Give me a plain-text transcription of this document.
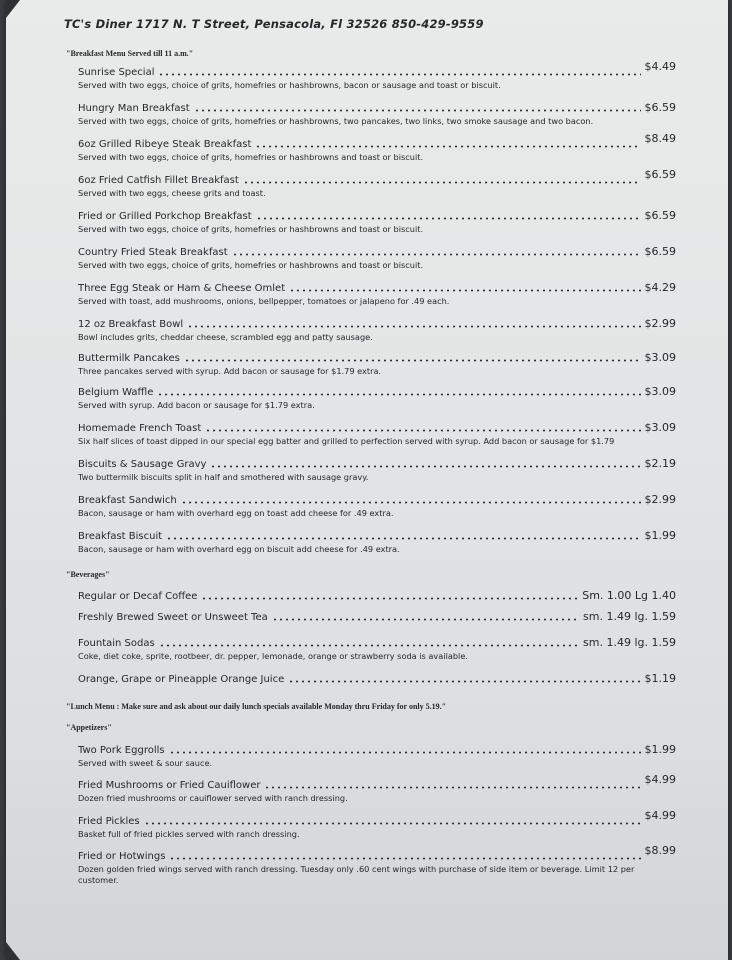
TC's Diner 1717 N. T Street, Pensacola, Fl 32526 850-429-9559
"Breakfast Menu Served till 11 a.m."
"Beverages"
"Lunch Menu : Make sure and ask about our daily lunch specials available Monday thru Friday for only 5.19."
"Appetizers"
Sunrise Special	$4.49
Served with two eggs, choice of grits, homefries or hashbrowns, bacon or sausage and toast or biscuit.
Hungry Man Breakfast	$6.59
Served with two eggs, choice of grits, homefries or hashbrowns, two pancakes, two links, two smoke sausage and two bacon.
6oz Grilled Ribeye Steak Breakfast	$8.49
Served with two eggs, choice of grits, homefries or hashbrowns and toast or biscuit.
6oz Fried Catfish Fillet Breakfast	$6.59
Served with two eggs, cheese grits and toast.
Fried or Grilled Porkchop Breakfast	$6.59
Served with two eggs, choice of grits, homefries or hashbrowns and toast or biscuit.
Country Fried Steak Breakfast	$6.59
Served with two eggs, choice of grits, homefries or hashbrowns and toast or biscuit.
Three Egg Steak or Ham & Cheese Omlet	$4.29
Served with toast, add mushrooms, onions, bellpepper, tomatoes or jalapeno for .49 each.
12 oz Breakfast Bowl	$2.99
Bowl includes grits, cheddar cheese, scrambled egg and patty sausage.
Buttermilk Pancakes	$3.09
Three pancakes served with syrup. Add bacon or sausage for $1.79 extra.
Belgium Waffle	$3.09
Served with syrup. Add bacon or sausage for $1.79 extra.
Homemade French Toast	$3.09
Six half slices of toast dipped in our special egg batter and grilled to perfection served with syrup. Add bacon or sausage for $1.79
Biscuits & Sausage Gravy	$2.19
Two buttermilk biscuits split in half and smothered with sausage gravy.
Breakfast Sandwich	$2.99
Bacon, sausage or ham with overhard egg on toast add cheese for .49 extra.
Breakfast Biscuit	$1.99
Bacon, sausage or ham with overhard egg on biscuit add cheese for .49 extra.
Regular or Decaf Coffee	Sm. 1.00 Lg 1.40
Freshly Brewed Sweet or Unsweet Tea	sm. 1.49 lg. 1.59
Fountain Sodas	sm. 1.49 lg. 1.59
Coke, diet coke, sprite, rootbeer, dr. pepper, lemonade, orange or strawberry soda is available.
Orange, Grape or Pineapple Orange Juice	$1.19
Two Pork Eggrolls	$1.99
Served with sweet & sour sauce.
Fried Mushrooms or Fried Cauiflower	$4.99
Dozen fried mushrooms or cauiflower served with ranch dressing.
Fried Pickles	$4.99
Basket full of fried pickles served with ranch dressing.
Fried or Hotwings	$8.99
Dozen golden fried wings served with ranch dressing. Tuesday only .60 cent wings with purchase of side item or beverage. Limit 12 per customer.
